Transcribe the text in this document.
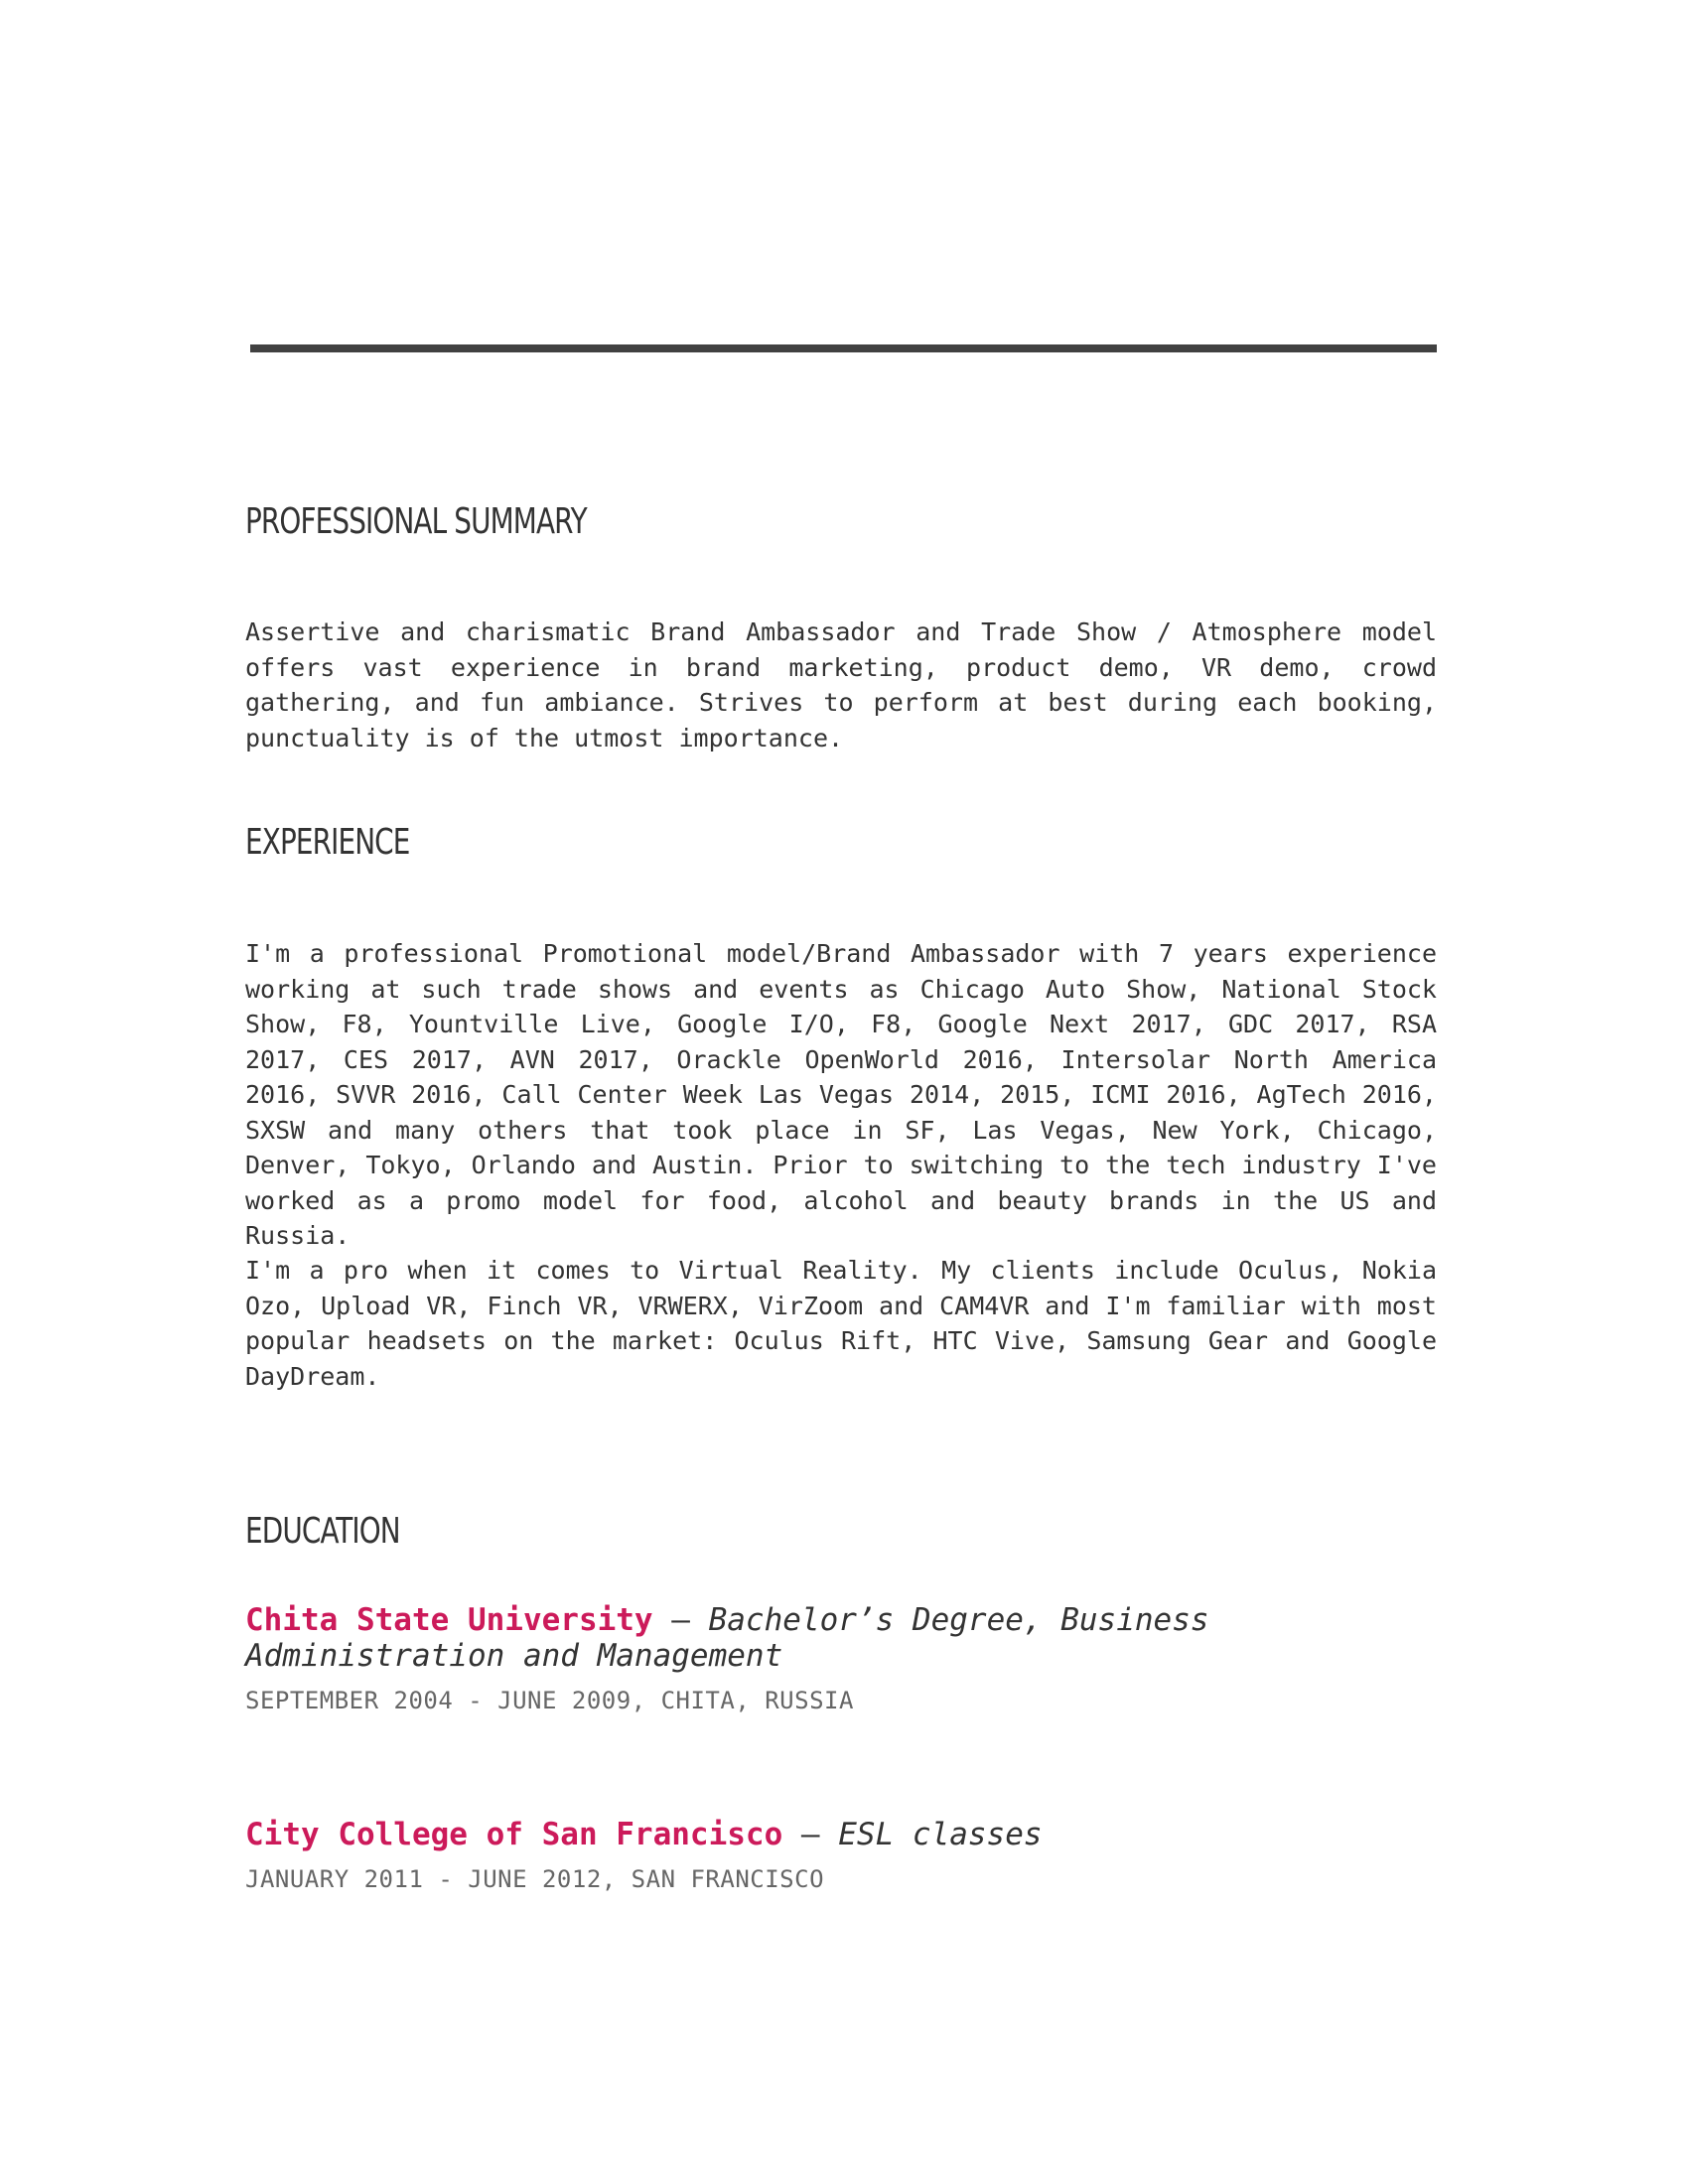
PROFESSIONAL SUMMARY

Assertive and charismatic Brand Ambassador and Trade Show / Atmosphere model offers vast experience in brand marketing, product demo, VR demo, crowd gathering, and fun ambiance. Strives to perform at best during each booking, punctuality is of the utmost importance.

EXPERIENCE

I'm a professional Promotional model/Brand Ambassador with 7 years experience working at such trade shows and events as Chicago Auto Show, National Stock Show, F8, Yountville Live, Google I/O, F8, Google Next 2017, GDC 2017, RSA 2017, CES 2017, AVN 2017, Orackle OpenWorld 2016, Intersolar North America 2016, SVVR 2016, Call Center Week Las Vegas 2014, 2015, ICMI 2016, AgTech 2016, SXSW and many others that took place in SF, Las Vegas, New York, Chicago, Denver, Tokyo, Orlando and Austin. Prior to switching to the tech industry I've worked as a promo model for food, alcohol and beauty brands in the US and Russia.

I'm a pro when it comes to Virtual Reality. My clients include Oculus, Nokia Ozo, Upload VR, Finch VR, VRWERX, VirZoom and CAM4VR and I'm familiar with most popular headsets on the market: Oculus Rift, HTC Vive, Samsung Gear and Google DayDream.

EDUCATION

Chita State University — Bachelor’s Degree, Business Administration and Management

SEPTEMBER 2004 - JUNE 2009, CHITA, RUSSIA

City College of San Francisco — ESL classes

JANUARY 2011 - JUNE 2012, SAN FRANCISCO
